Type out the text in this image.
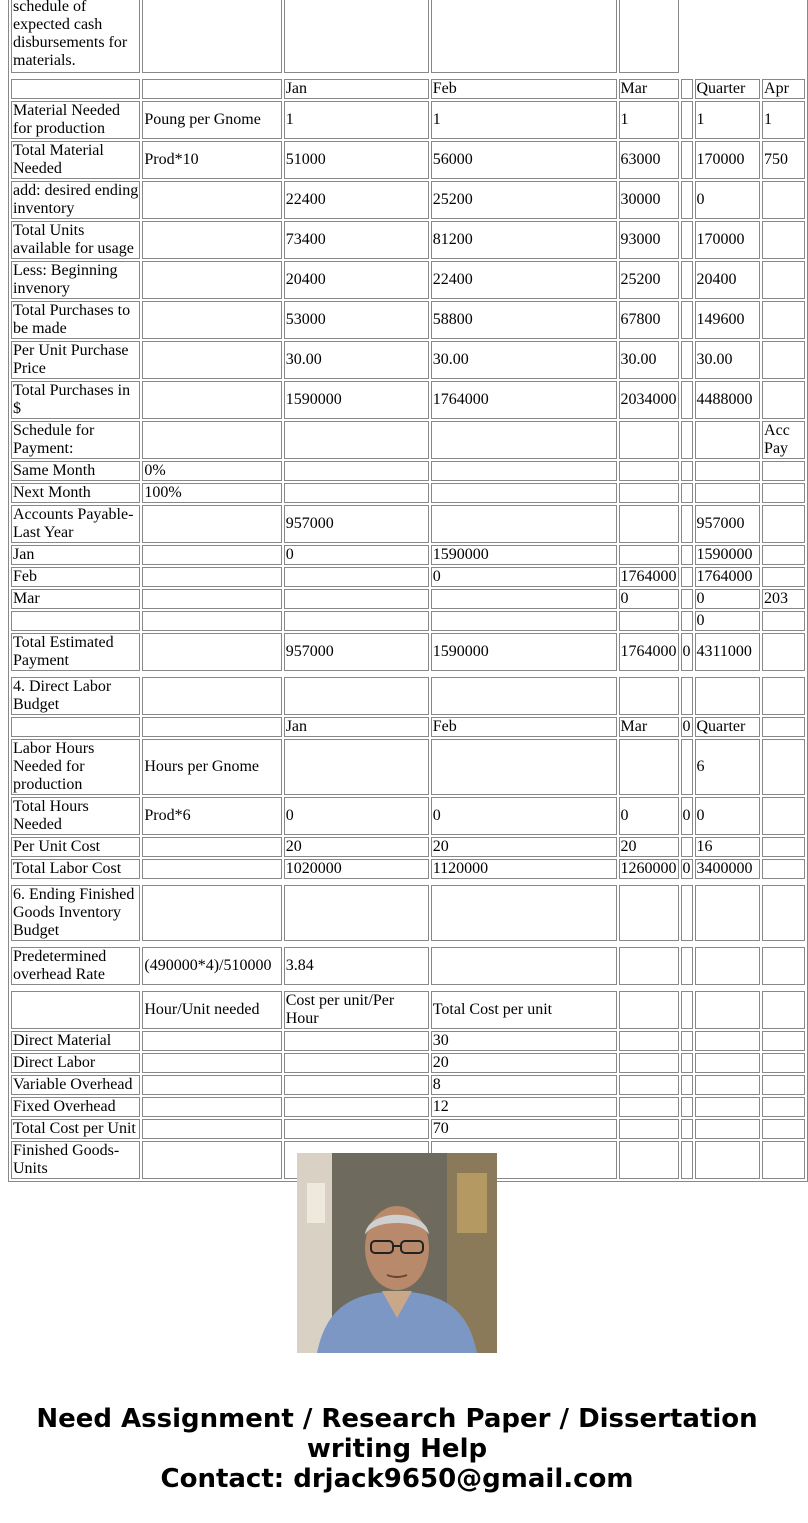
schedule of expected cash disbursements for materials.							

		Jan	Feb	Mar		Quarter	Apr
Material Needed for production	Poung per Gnome	1	1	1		1	1
Total Material Needed	Prod*10	51000	56000	63000		170000	750
add: desired ending inventory		22400	25200	30000		0	
Total Units available for usage		73400	81200	93000		170000	
Less: Beginning invenory		20400	22400	25200		20400	
Total Purchases to be made		53000	58800	67800		149600	
Per Unit Purchase Price		30.00	30.00	30.00		30.00	
Total Purchases in $		1590000	1764000	2034000		4488000	
Schedule for Payment:							Acc Pay
Same Month	0%						
Next Month	100%						
Accounts Payable-Last Year		957000				957000	
Jan		0	1590000			1590000	
Feb			0	1764000		1764000	
Mar				0		0	203
						0	
Total Estimated Payment		957000	1590000	1764000	0	4311000	

4. Direct Labor Budget							
		Jan	Feb	Mar	0	Quarter	
Labor Hours Needed for production	Hours per Gnome					6	
Total Hours Needed	Prod*6	0	0	0	0	0	
Per Unit Cost		20	20	20		16	
Total Labor Cost		1020000	1120000	1260000	0	3400000	

6. Ending Finished Goods Inventory Budget							

Predetermined overhead Rate	(490000*4)/510000	3.84					

	Hour/Unit needed	Cost per unit/Per Hour	Total Cost per unit				
Direct Material			30				
Direct Labor			20				
Variable Overhead			8				
Fixed Overhead			12				
Total Cost per Unit			70				
Finished Goods-Units							
Need Assignment / Research Paper / Dissertation
writing Help
Contact: drjack9650@gmail.com
